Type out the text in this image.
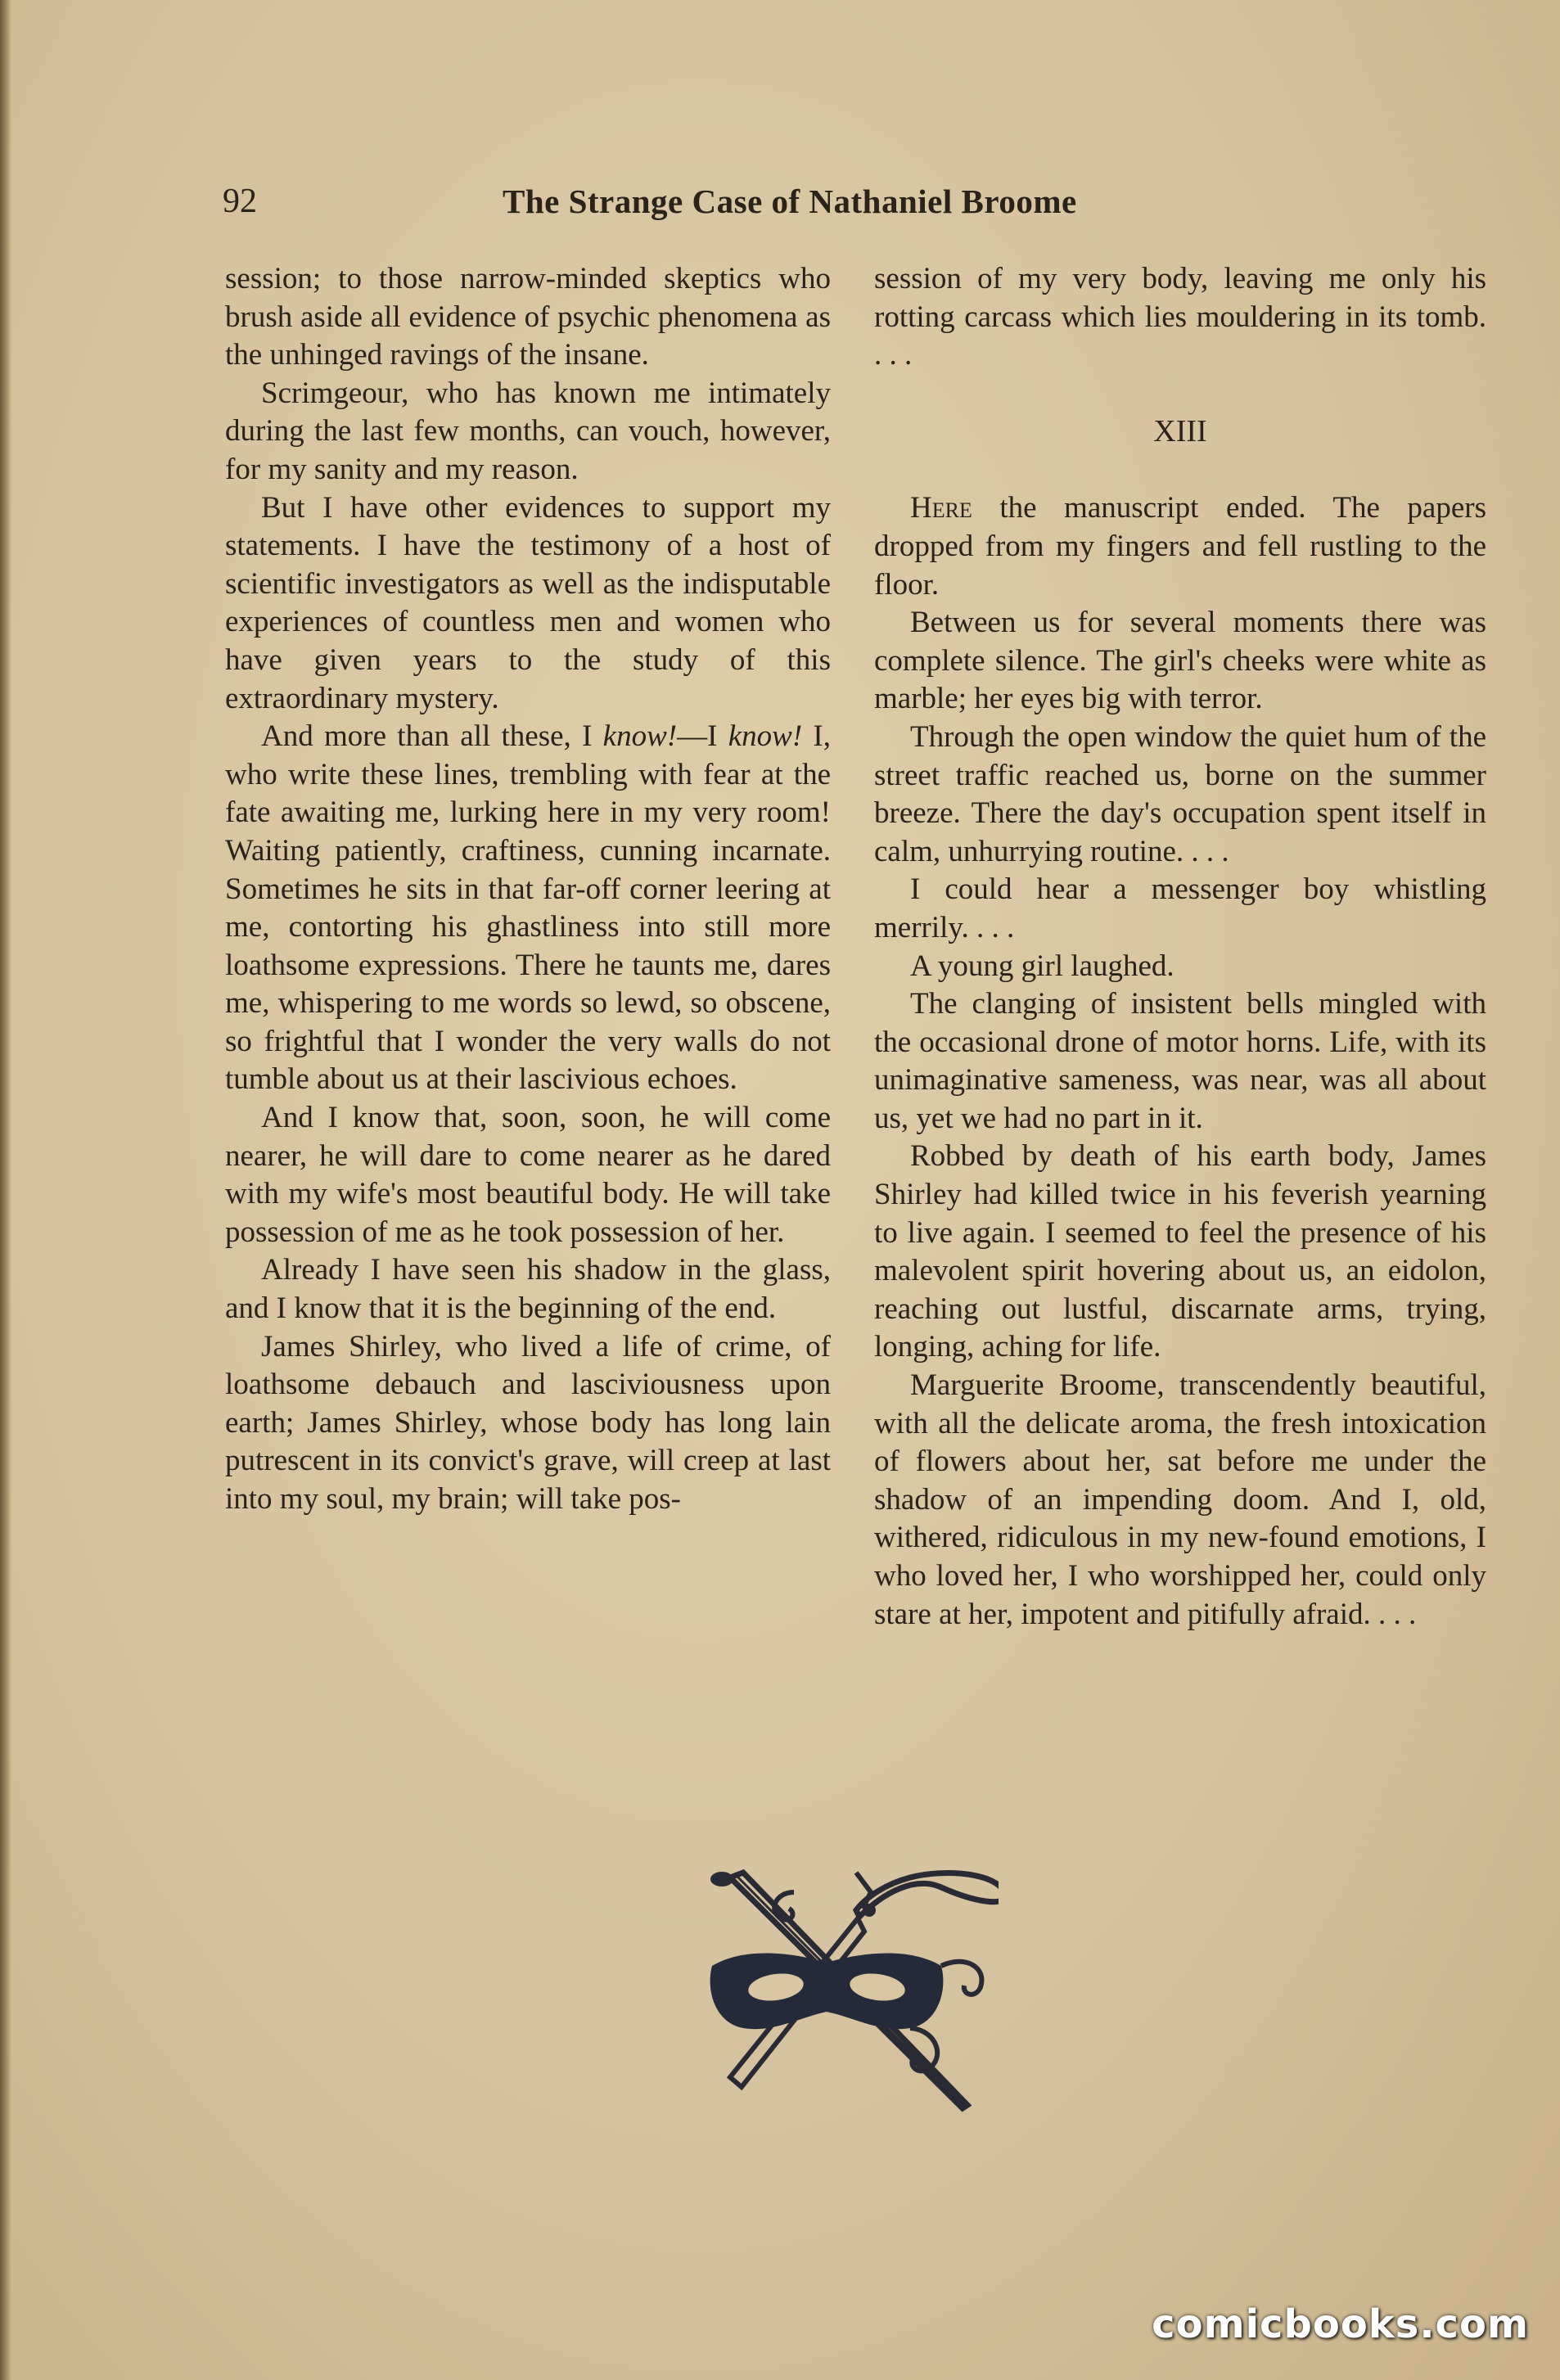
92	The Strange Case of Nathaniel Broome

session; to those narrow-minded skeptics who brush aside all evidence of psychic phenomena as the unhinged ravings of the insane.

Scrimgeour, who has known me intimately during the last few months, can vouch, however, for my sanity and my reason.

But I have other evidences to support my statements. I have the testimony of a host of scientific investigators as well as the indisputable experiences of countless men and women who have given years to the study of this extraordinary mystery.

And more than all these, I know!—I know! I, who write these lines, trembling with fear at the fate awaiting me, lurking here in my very room! Waiting patiently, craftiness, cunning incarnate. Sometimes he sits in that far-off corner leering at me, contorting his ghastliness into still more loathsome expressions. There he taunts me, dares me, whispering to me words so lewd, so obscene, so frightful that I wonder the very walls do not tumble about us at their lascivious echoes.

And I know that, soon, soon, he will come nearer, he will dare to come nearer as he dared with my wife's most beautiful body. He will take possession of me as he took possession of her.

Already I have seen his shadow in the glass, and I know that it is the beginning of the end.

James Shirley, who lived a life of crime, of loathsome debauch and lasciviousness upon earth; James Shirley, whose body has long lain putrescent in its convict's grave, will creep at last into my soul, my brain; will take pos-

session of my very body, leaving me only his rotting carcass which lies mouldering in its tomb. . . .

XIII

Here the manuscript ended. The papers dropped from my fingers and fell rustling to the floor.

Between us for several moments there was complete silence. The girl's cheeks were white as marble; her eyes big with terror.

Through the open window the quiet hum of the street traffic reached us, borne on the summer breeze. There the day's occupation spent itself in calm, unhurrying routine. . . .

I could hear a messenger boy whistling merrily. . . .

A young girl laughed.

The clanging of insistent bells mingled with the occasional drone of motor horns. Life, with its unimaginative sameness, was near, was all about us, yet we had no part in it.

Robbed by death of his earth body, James Shirley had killed twice in his feverish yearning to live again. I seemed to feel the presence of his malevolent spirit hovering about us, an eidolon, reaching out lustful, discarnate arms, trying, longing, aching for life.

Marguerite Broome, transcendently beautiful, with all the delicate aroma, the fresh intoxication of flowers about her, sat before me under the shadow of an impending doom. And I, old, withered, ridiculous in my new-found emotions, I who loved her, I who worshipped her, could only stare at her, impotent and pitifully afraid. . . .

comicbooks.com
